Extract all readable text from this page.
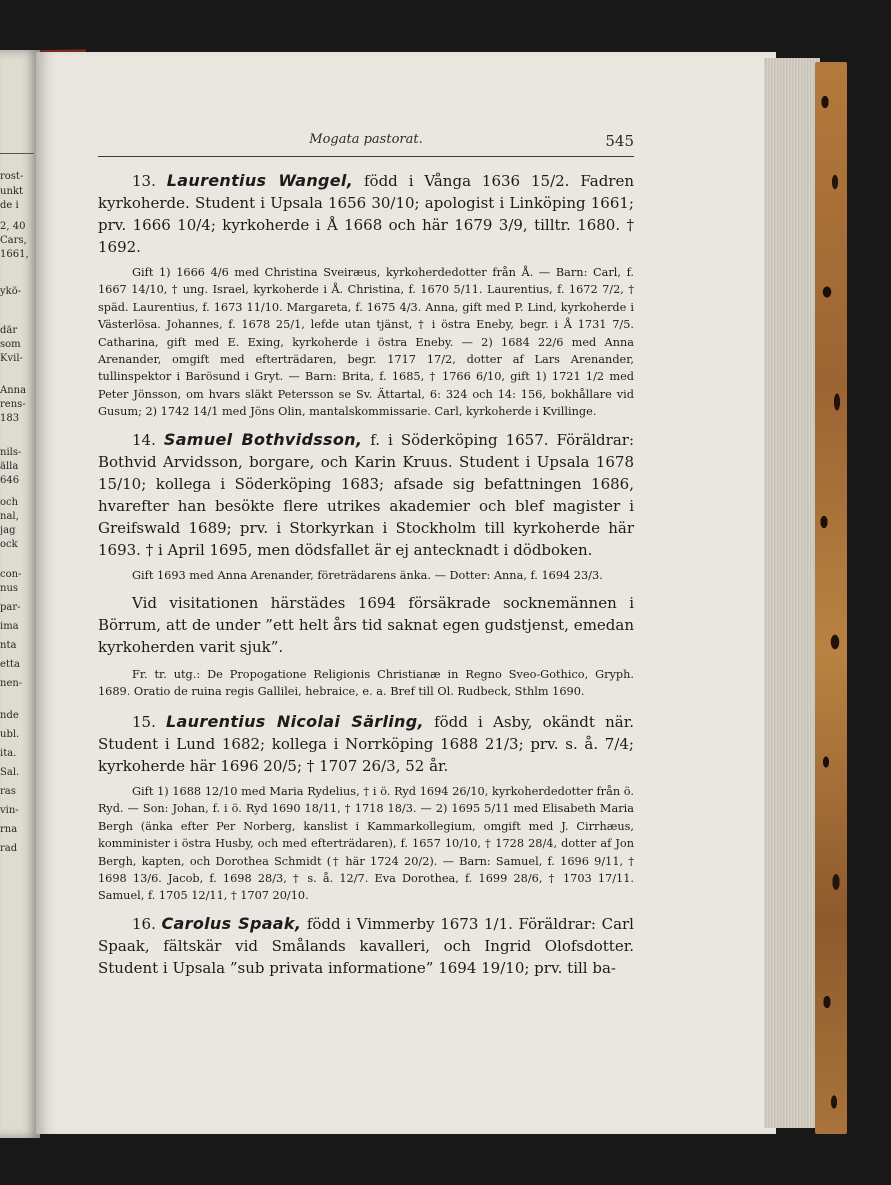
rost-
unkt
de i
2, 40
Cars,
1661,
ykö-
där
som
Kvil-
Anna
rens-
183
nils-
älla
646
och
nal,
jag
ock
con-
nus
par-
ima
nta
etta
nen-
nde
ubl.
ita.
Sal.
ras
vin-
rna
rad
Mogata pastorat.	545

13. Laurentius Wangel, född i Vånga 1636 15/2. Fadren kyrkoherde. Student i Upsala 1656 30/10; apologist i Linköping 1661; prv. 1666 10/4; kyrkoherde i Å 1668 och här 1679 3/9, tilltr. 1680. † 1692.

Gift 1) 1666 4/6 med Christina Sveiræus, kyrkoherdedotter från Å. — Barn: Carl, f. 1667 14/10, † ung. Israel, kyrkoherde i Å. Christina, f. 1670 5/11. Laurentius, f. 1672 7/2, † späd. Laurentius, f. 1673 11/10. Margareta, f. 1675 4/3. Anna, gift med P. Lind, kyrkoherde i Västerlösa. Johannes, f. 1678 25/1, lefde utan tjänst, † i östra Eneby, begr. i Å 1731 7/5. Catharina, gift med E. Exing, kyrkoherde i östra Eneby. — 2) 1684 22/6 med Anna Arenander, omgift med efterträdaren, begr. 1717 17/2, dotter af Lars Arenander, tullinspektor i Barösund i Gryt. — Barn: Brita, f. 1685, † 1766 6/10, gift 1) 1721 1/2 med Peter Jönsson, om hvars släkt Petersson se Sv. Ättartal, 6: 324 och 14: 156, bokhållare vid Gusum; 2) 1742 14/1 med Jöns Olin, mantalskommissarie. Carl, kyrkoherde i Kvillinge.

14. Samuel Bothvidsson, f. i Söderköping 1657. Föräldrar: Bothvid Arvidsson, borgare, och Karin Kruus. Student i Upsala 1678 15/10; kollega i Söderköping 1683; afsade sig befattningen 1686, hvarefter han besökte flere utrikes akademier och blef magister i Greifswald 1689; prv. i Storkyrkan i Stockholm till kyrkoherde här 1693. † i April 1695, men dödsfallet är ej antecknadt i dödboken.

Gift 1693 med Anna Arenander, företrädarens änka. — Dotter: Anna, f. 1694 23/3.

Vid visitationen härstädes 1694 försäkrade socknemännen i Börrum, att de under ”ett helt års tid saknat egen gudstjenst, emedan kyrkoherden varit sjuk”.

Fr. tr. utg.: De Propogatione Religionis Christianæ in Regno Sveo-Gothico, Gryph. 1689. Oratio de ruina regis Gallilei, hebraice, e. a. Bref till Ol. Rudbeck, Sthlm 1690.

15. Laurentius Nicolai Särling, född i Asby, okändt när. Student i Lund 1682; kollega i Norrköping 1688 21/3; prv. s. å. 7/4; kyrkoherde här 1696 20/5; † 1707 26/3, 52 år.

Gift 1) 1688 12/10 med Maria Rydelius, † i ö. Ryd 1694 26/10, kyrkoherdedotter från ö. Ryd. — Son: Johan, f. i ö. Ryd 1690 18/11, † 1718 18/3. — 2) 1695 5/11 med Elisabeth Maria Bergh (änka efter Per Norberg, kanslist i Kammarkollegium, omgift med J. Cirrhæus, komminister i östra Husby, och med efterträdaren), f. 1657 10/10, † 1728 28/4, dotter af Jon Bergh, kapten, och Dorothea Schmidt († här 1724 20/2). — Barn: Samuel, f. 1696 9/11, † 1698 13/6. Jacob, f. 1698 28/3, † s. å. 12/7. Eva Dorothea, f. 1699 28/6, † 1703 17/11. Samuel, f. 1705 12/11, † 1707 20/10.

16. Carolus Spaak, född i Vimmerby 1673 1/1. Föräldrar: Carl Spaak, fältskär vid Smålands kavalleri, och Ingrid Olofsdotter. Student i Upsala ”sub privata informatione” 1694 19/10; prv. till ba-
